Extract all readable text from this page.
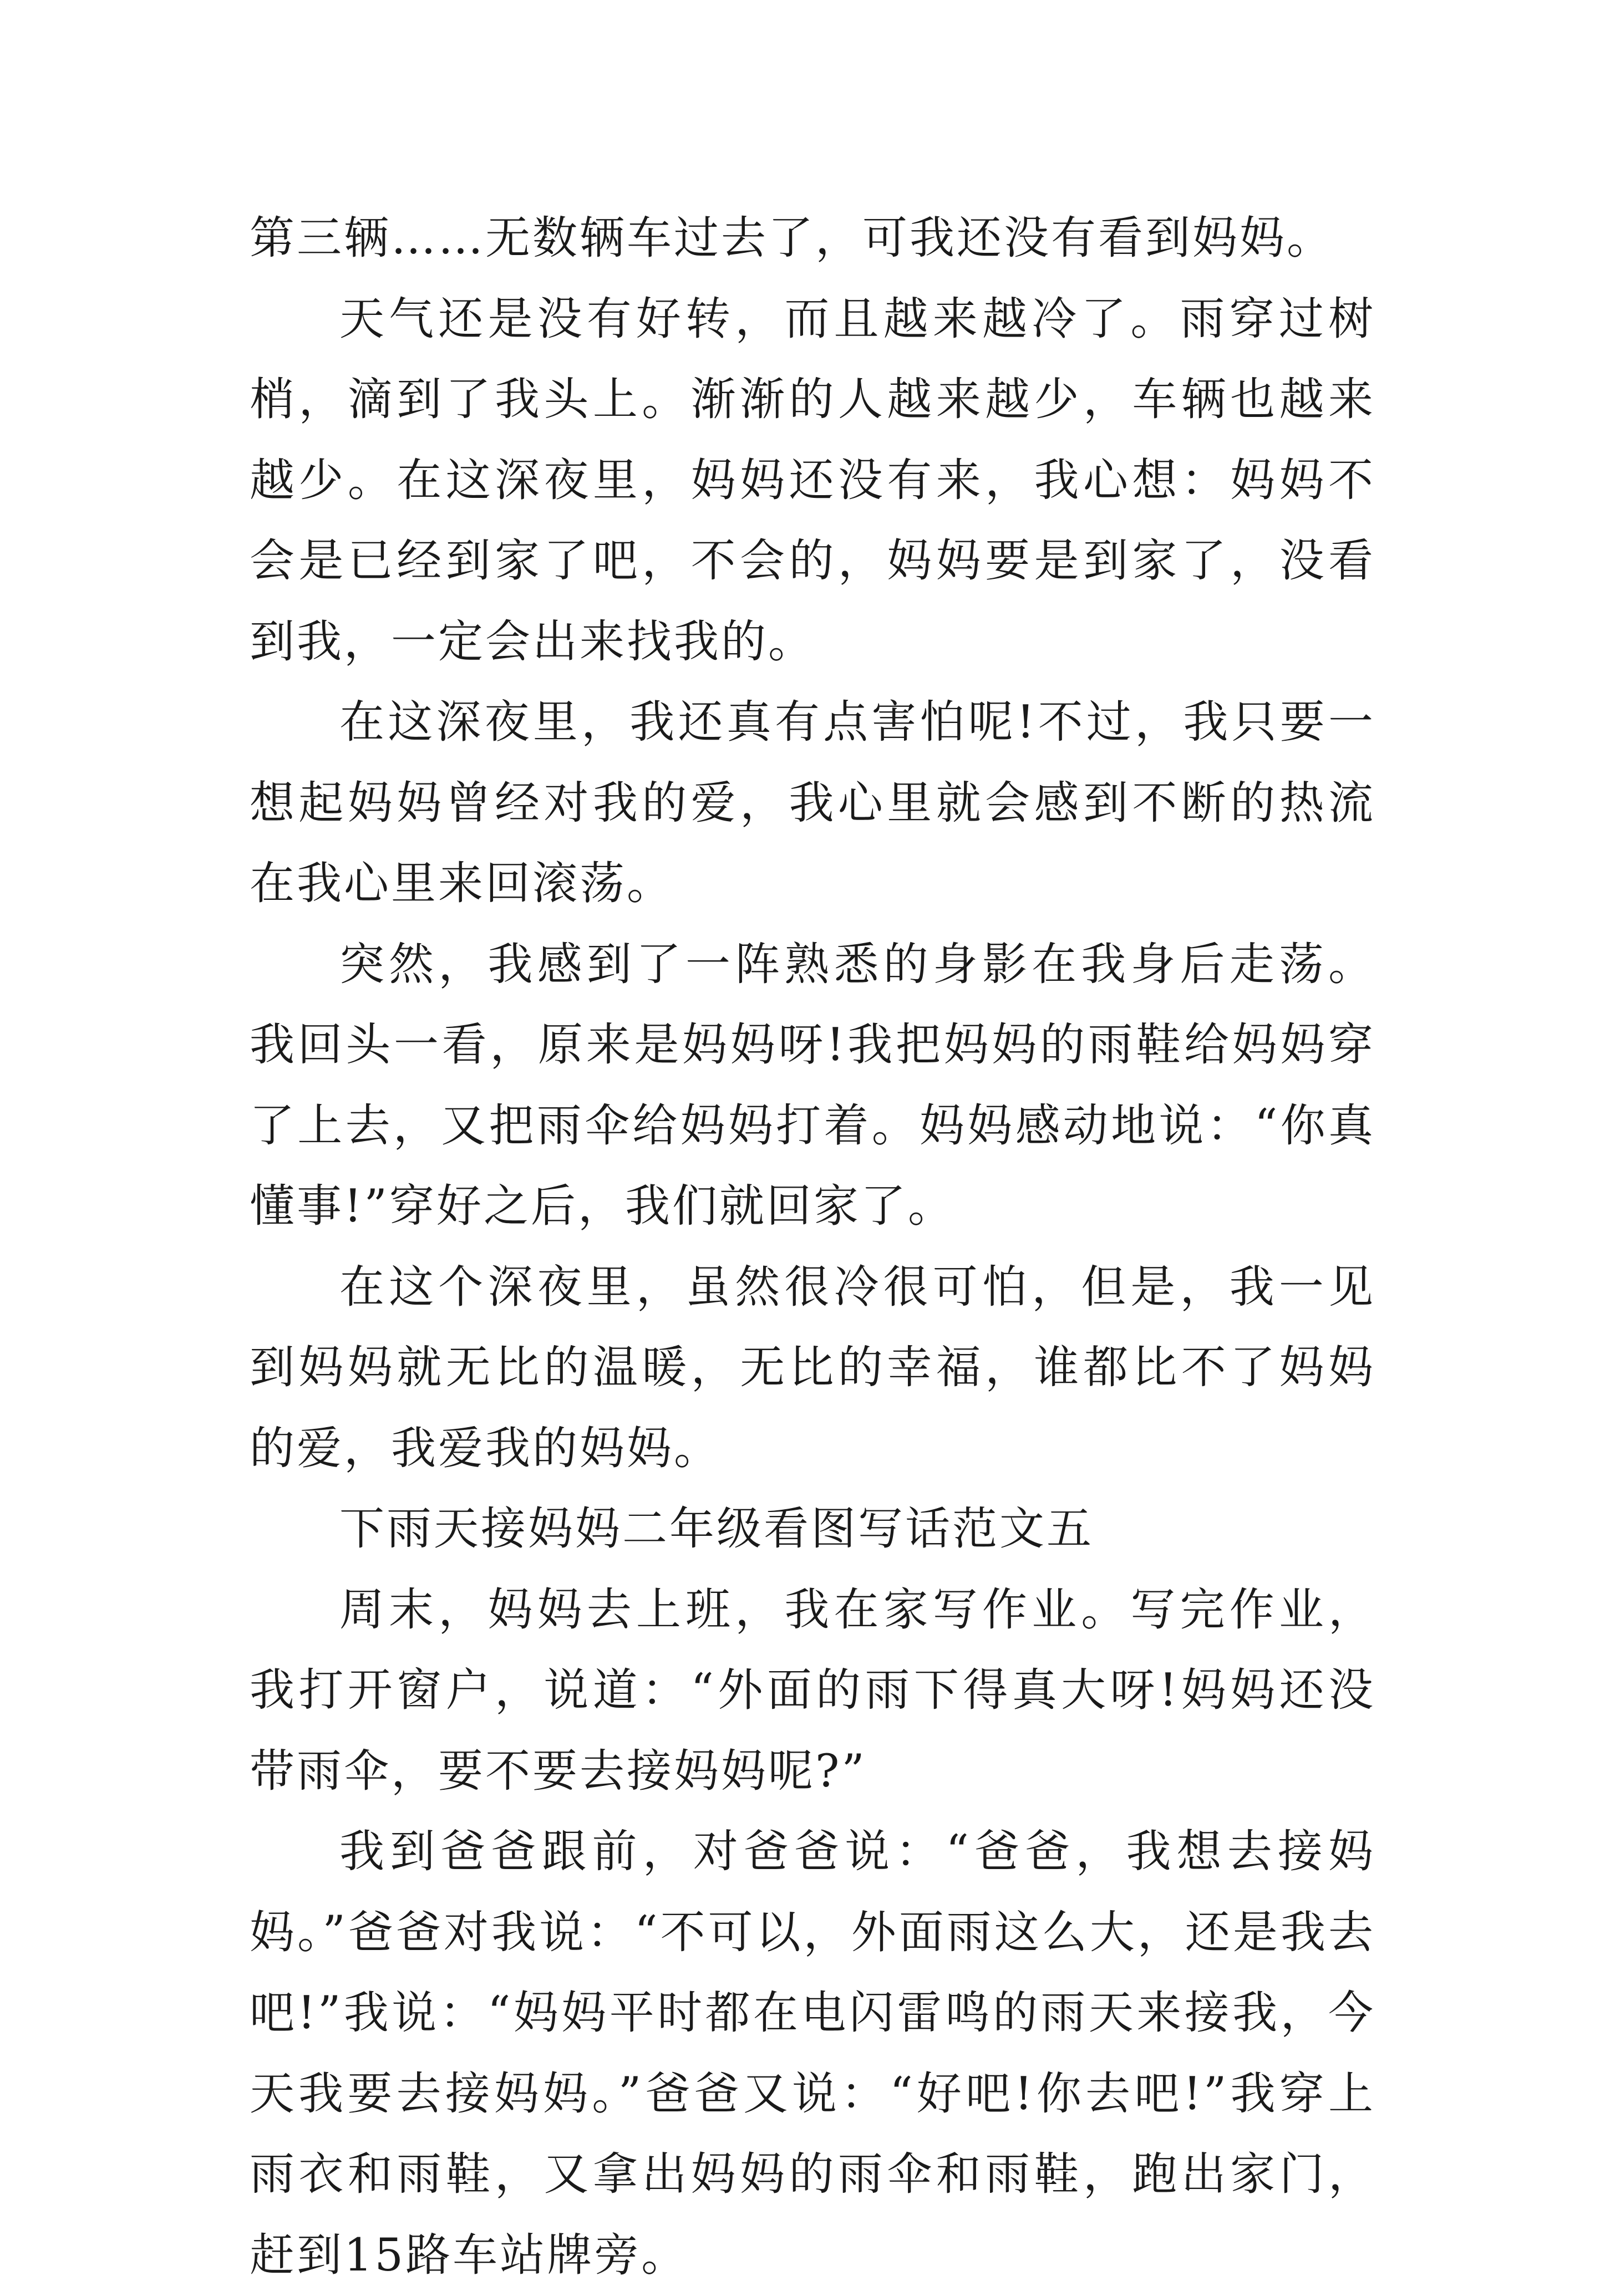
第三辆……无数辆车过去了，可我还没有看到妈妈。

天气还是没有好转，而且越来越冷了。雨穿过树梢，滴到了我头上。渐渐的人越来越少，车辆也越来越少。在这深夜里，妈妈还没有来，我心想：妈妈不会是已经到家了吧，不会的，妈妈要是到家了，没看到我，一定会出来找我的。

在这深夜里，我还真有点害怕呢!不过，我只要一想起妈妈曾经对我的爱，我心里就会感到不断的热流在我心里来回滚荡。

突然，我感到了一阵熟悉的身影在我身后走荡。我回头一看，原来是妈妈呀!我把妈妈的雨鞋给妈妈穿了上去，又把雨伞给妈妈打着。妈妈感动地说：“你真懂事!”穿好之后，我们就回家了。

在这个深夜里，虽然很冷很可怕，但是，我一见到妈妈就无比的温暖，无比的幸福，谁都比不了妈妈的爱，我爱我的妈妈。

下雨天接妈妈二年级看图写话范文五

周末，妈妈去上班，我在家写作业。写完作业，我打开窗户，说道：“外面的雨下得真大呀!妈妈还没带雨伞，要不要去接妈妈呢?”

我到爸爸跟前，对爸爸说：“爸爸，我想去接妈妈。”爸爸对我说：“不可以，外面雨这么大，还是我去吧!”我说：“妈妈平时都在电闪雷鸣的雨天来接我，今天我要去接妈妈。”爸爸又说：“好吧!你去吧!”我穿上雨衣和雨鞋，又拿出妈妈的雨伞和雨鞋，跑出家门，赶到15路车站牌旁。
